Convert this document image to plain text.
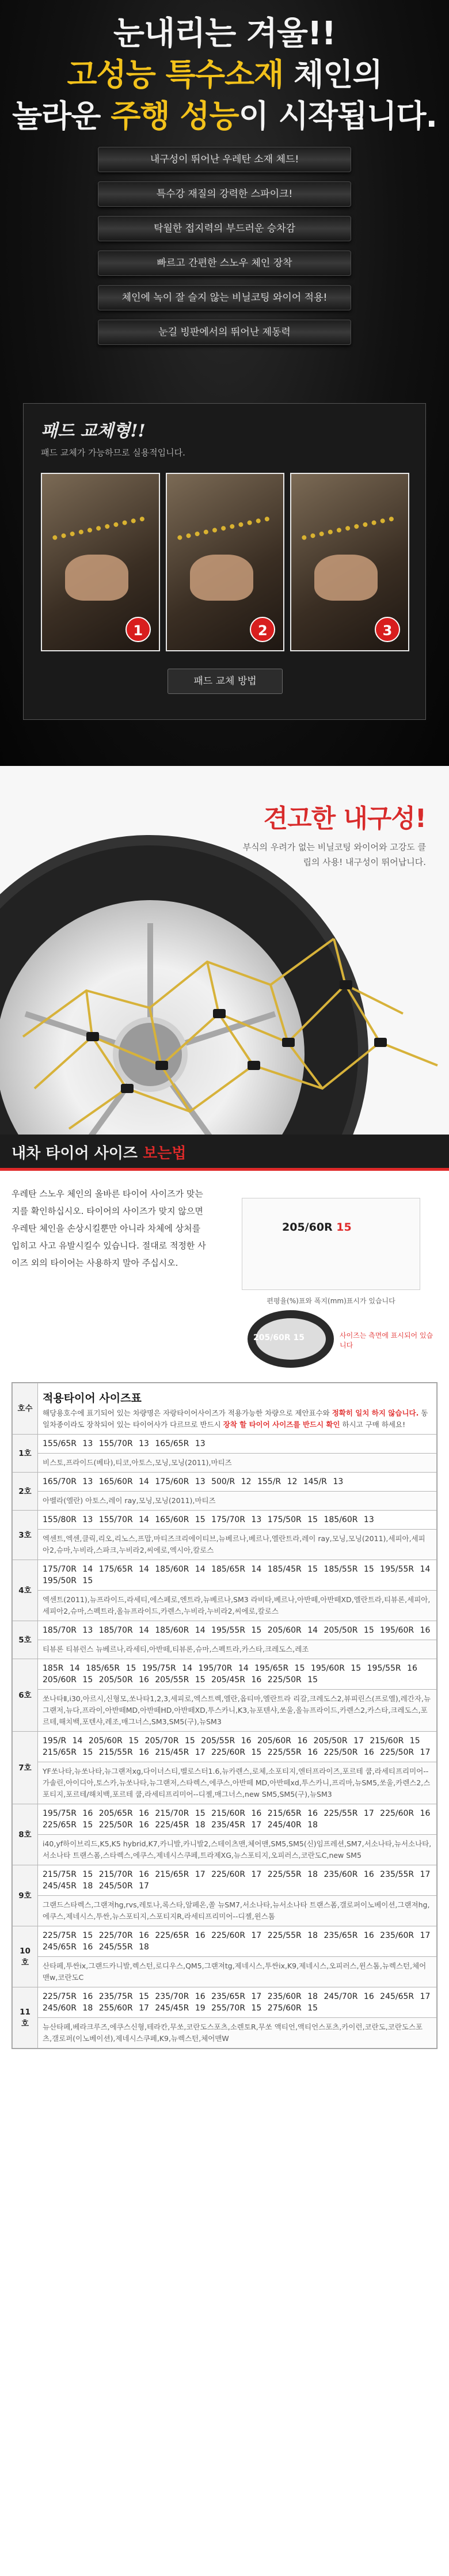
눈내리는 겨울!!
고성능 특수소재 체인의
놀라운 주행 성능이 시작됩니다.
내구성이 뛰어난 우레탄 소재 체드!
특수강 재질의 강력한 스파이크!
탁월한 접지력의 부드러운 승차감
빠르고 간편한 스노우 체인 장착
체인에 녹이 잘 슬지 않는 비닐코팅 와이어 적용!
눈길 빙판에서의 뛰어난 제동력
패드 교체형!!
패드 교체가 가능하므로 실용적입니다.
1	2	3
패드 교체 방법
견고한 내구성!
부식의 우려가 없는 비닐코팅 와이어와 고강도 클립의 사용! 내구성이 뛰어납니다.
내차 타이어 사이즈 보는법
우레탄 스노우 체인의 올바른 타이어 사이즈가 맞는지를 확인하십시오. 타이어의 사이즈가 맞지 않으면 우레탄 체인을 손상시킬뿐만 아니라 차체에 상처를 입히고 사고 유발시킬수 있습니다. 절대로 적정한 사이즈 외의 타이어는 사용하지 말아 주십시오.
205/60R 15
편평율(%)표와 폭지(mm)표시가 있습니다
205/60R 15	사이즈는 측면에 표시되어 있습니다
호수	적용타이어 사이즈표
해당용호수에 표기되어 있는 차량명은 자랑타이어사이즈가 적용가능한 차량으로 제안표수와 정확히 일치 하지 않습니다. 동일차종이라도 장착되어 있는 타이어사가 다르므로 반드시 장착 할 타이어 사이즈를 반드시 확인 하시고 구매 하세요!

1호	155/65R 13 155/70R 13 165/65R 13
	비스토,프라이드(베타),티코,아토스,모닝,모닝(2011),마티즈
2호	165/70R 13 165/60R 14 175/60R 13 500/R 12 155/R 12 145/R 13
	아벨라(엘란) 아토스,레이 ray,모닝,모닝(2011),마티즈
3호	155/80R 13 155/70R 14 165/60R 15 175/70R 13 175/50R 15 185/60R 13
	엑센트,엑센,클릭,리오,리노스,프맙,마티즈크리에이티브,뉴베르나,베르나,엘란트라,레이 ray,모닝,모닝(2011),세피아,세피아2,슈마,누비라,스파크,누비라2,씨에로,엑시아,칼로스
4호	175/70R 14 175/65R 14 185/60R 14 185/65R 14 185/45R 15 185/55R 15 195/55R 14 195/50R 15
	엑센트(2011),뉴프라이드,라세티,에스페로,엔트라,뉴베르나,SM3 라비타,베르나,아반떼,아반떼XD,엘란트라,티뷰론,세피아,세피아2,슈마,스펙트라,올뉴프라이드,카렌스,누비라,누비라2,씨에로,칼로스
5호	185/70R 13 185/70R 14 185/60R 14 195/55R 15 205/60R 14 205/50R 15 195/60R 16
	티뷰론 티뷰런스 뉴베르나,라세티,아반떼,티뷰론,슈마,스펙트라,카스타,크레도스,레조
6호	185R 14 185/65R 15 195/75R 14 195/70R 14 195/65R 15 195/60R 15 195/55R 16 205/60R 15 205/50R 16 205/55R 15 205/45R 16 225/50R 15
	쏘나타Ⅱ,i30,아르시,신형모,쏘나타1,2,3,세피로,엑스트렉,엘란,옵티마,엘란트라 리갈,크레도스2,뷰피린스(프로엘),레간자,뉴그랜저,뉴다,프라이,아반떼MD,아반떼HD,아반떼XD,투스카니,K3,뉴포텐샤,쏘울,올뉴프라이드,카렌스2,카스타,크레도스,포르테,해치백,포텐샤,레조,매그너스,SM3,SM5(구),뉴SM3
7호	195/R 14 205/60R 15 205/70R 15 205/55R 16 205/60R 16 205/50R 17 215/60R 15 215/65R 15 215/55R 16 215/45R 17 225/60R 15 225/55R 16 225/50R 16 225/50R 17
	YF쏘나타,뉴쏘나타,뉴그랜저xg,다이너스티,벨로스터1.6,뉴카렌스,로체,소포티지,엔터프라이즈,포르테 쿱,라세티프리미어--가솔린,아이디아,토스카,뉴쏘나타,뉴그랜저,스타렉스,에쿠스,아반떼 MD,아반떼xd,투스카니,프리마,뉴SM5,쏘울,카렌스2,스포티지,포르테/해치백,포르테 쿱,라세티프리미어--디젤,매그너스,new SM5,SM5(구),뉴SM3
8호	195/75R 16 205/65R 16 215/70R 15 215/60R 16 215/65R 16 225/55R 17 225/60R 16 225/65R 15 225/50R 16 225/45R 18 235/45R 17 245/40R 18
	i40,yf하이브리드,K5,K5 hybrid,K7,카니발,카니발2,스테이츠맨,체어맨,SM5,SM5(신)임프레션,SM7,서소나타,뉴서소나타,서소나타 트랜스폼,스타렉스,에쿠스,제네시스쿠페,트라제XG,뉴스포티지,오피러스,코란도C,new SM5
9호	215/75R 15 215/70R 16 215/65R 17 225/60R 17 225/55R 18 235/60R 16 235/55R 17 245/45R 18 245/50R 17
	그랜드스타렉스,그랜져hg,rvs,레토나,록스타,알페온,쏠 뉴SM7,서소나타,뉴서소나타 트랜스폼,갤로퍼이노베이션,그랜져hg,에쿠스,제네시스,투싼,뉴스포티지,스포티지R,라세티프리미어--디젤,윈스톰
10호	225/75R 15 225/70R 16 225/65R 16 225/60R 17 225/55R 18 235/65R 16 235/60R 17 245/65R 16 245/55R 18
	산타페,투싼ix,그랜드카니발,렉스턴,로디우스,QM5,그랜져tg,제네시스,투싼ix,K9,제네시스,오피러스,윈스톰,뉴렉스턴,체어맨w,코란도C
11호	225/75R 16 235/75R 15 235/70R 16 235/65R 17 235/60R 18 245/70R 16 245/65R 17 245/60R 18 255/60R 17 245/45R 19 255/70R 15 275/60R 15
	뉴산타페,베라크루즈,에쿠스신형,테라칸,무쏘,코란도스포츠,소렌토R,무쏘 액티언,액티언스포츠,카이런,코란도,코란도스포츠,갤로퍼(이노베이션),제네시스쿠페,K9,뉴렉스턴,체어맨W
